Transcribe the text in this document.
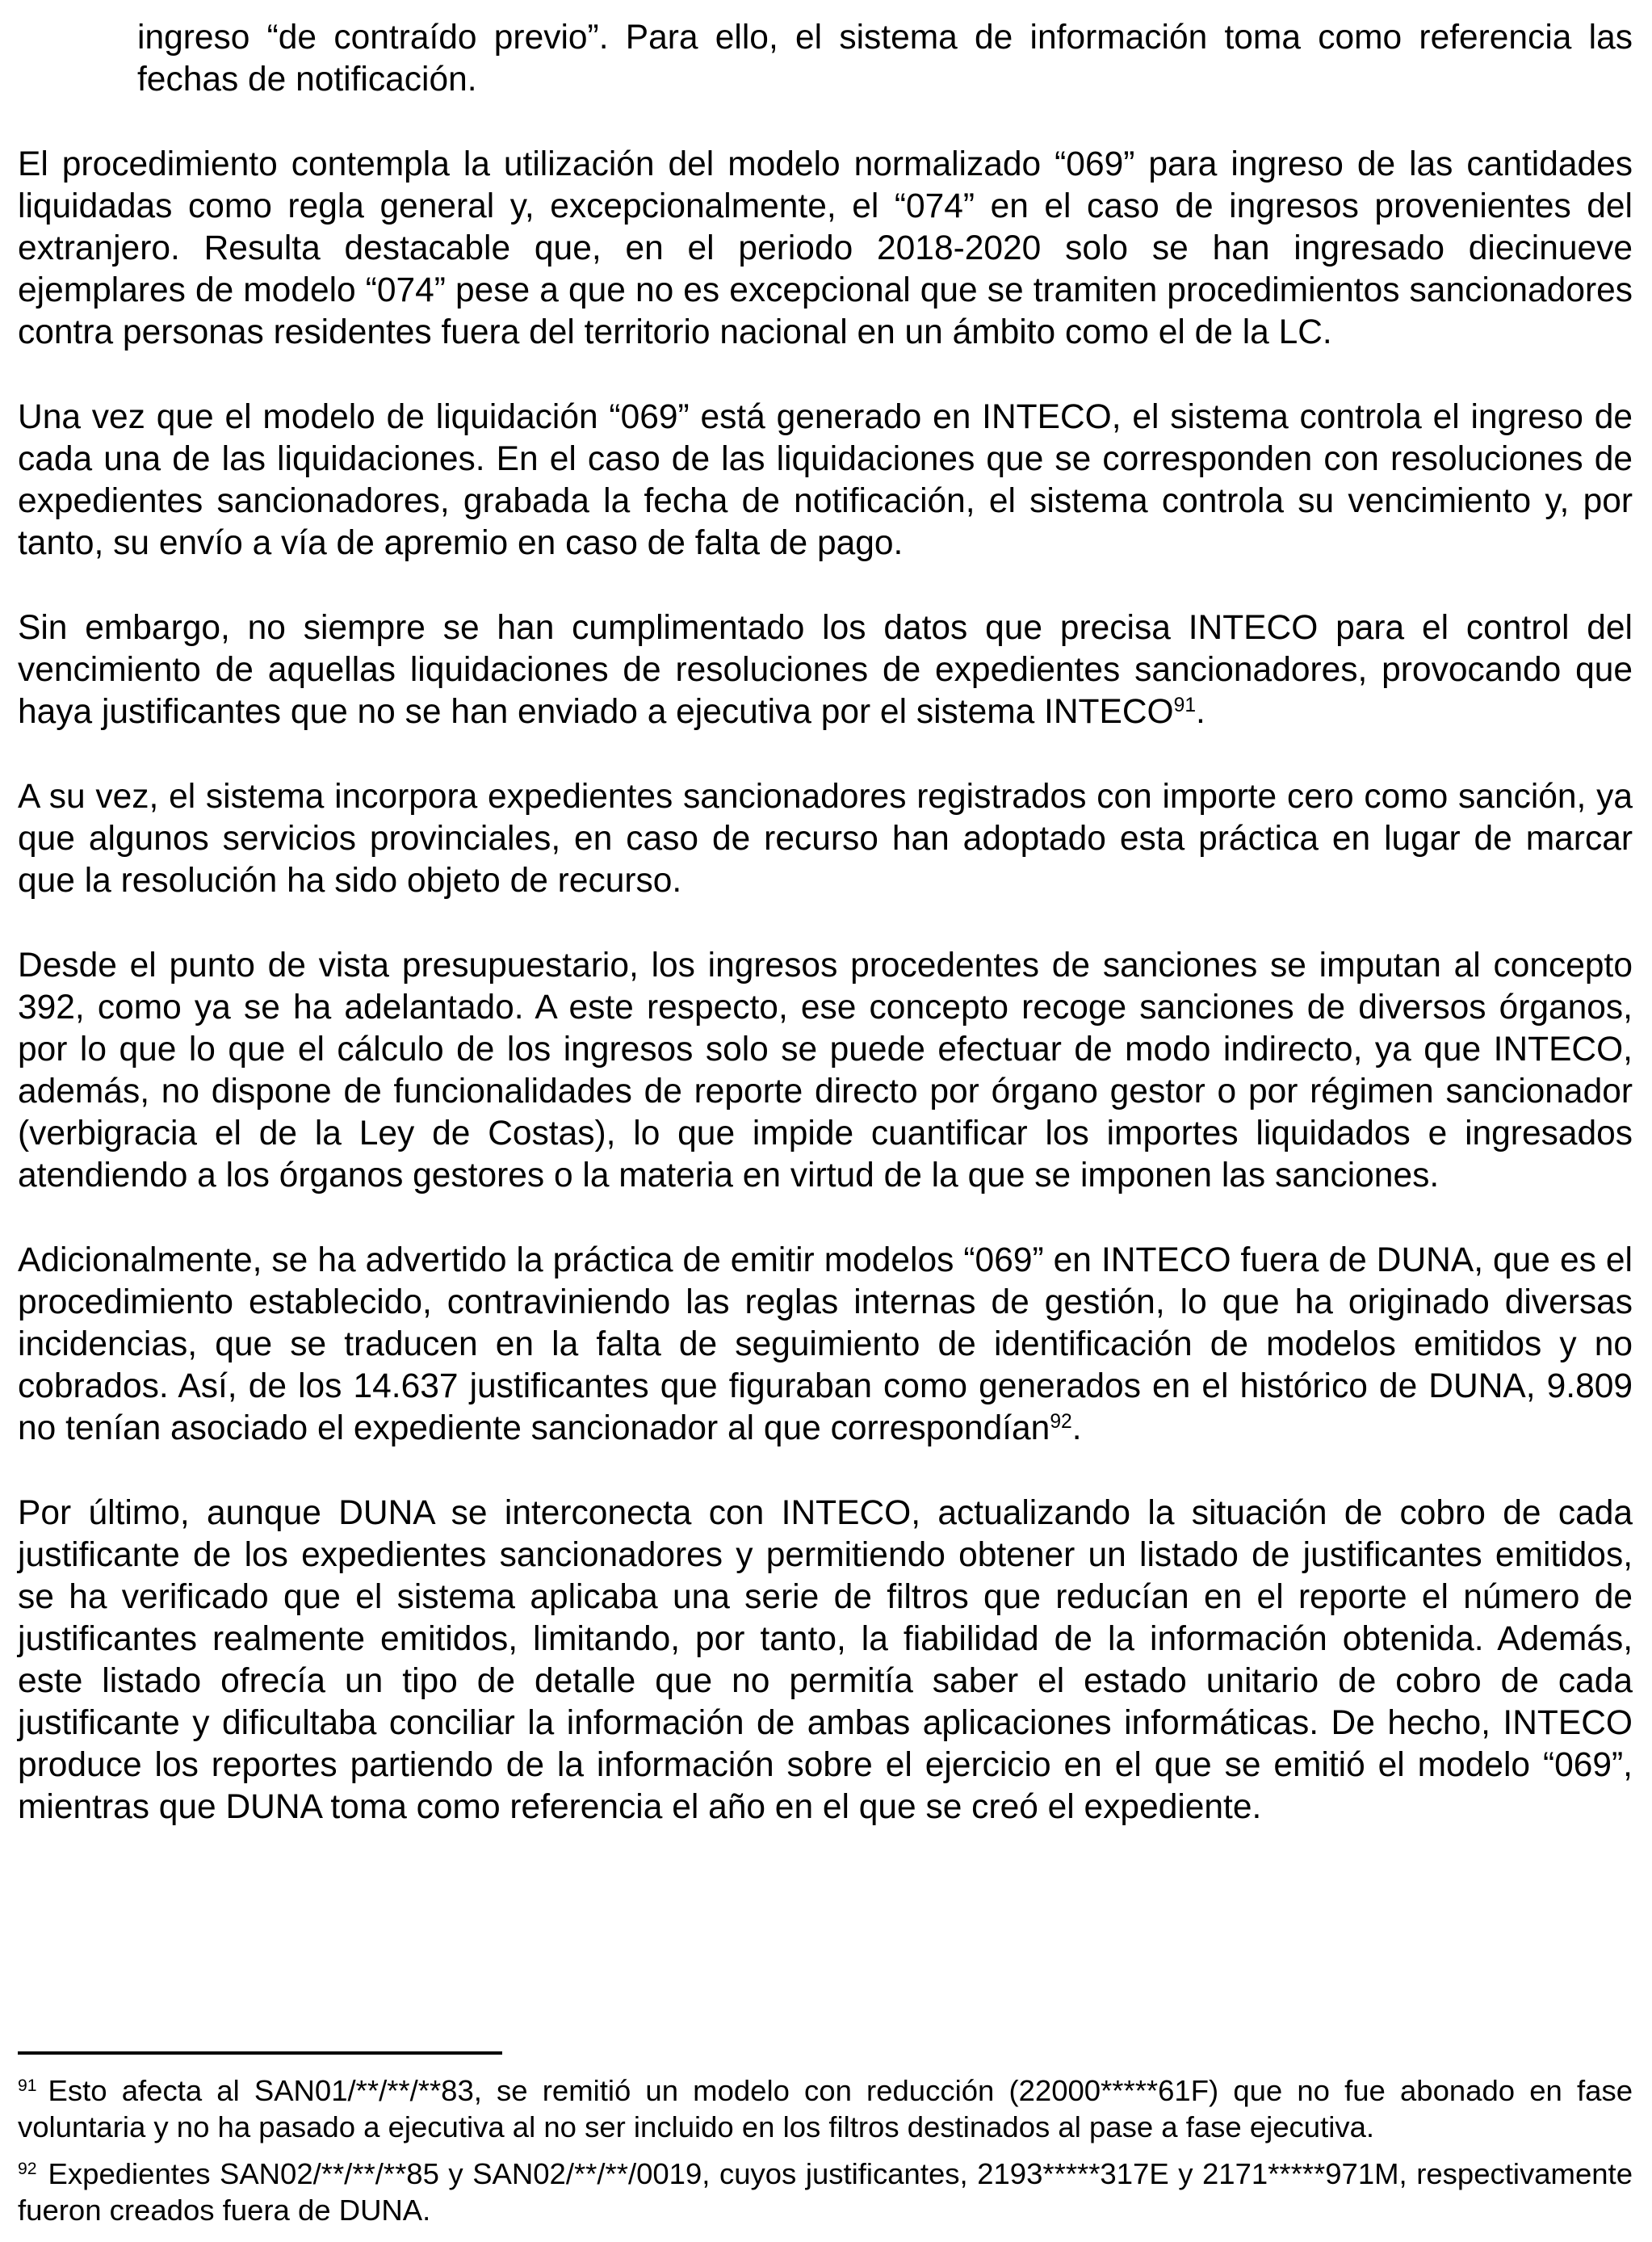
ingreso “de contraído previo”. Para ello, el sistema de información toma como referencia las fechas de notificación.

El procedimiento contempla la utilización del modelo normalizado “069” para ingreso de las cantidades liquidadas como regla general y, excepcionalmente, el “074” en el caso de ingresos provenientes del extranjero. Resulta destacable que, en el periodo 2018-2020 solo se han ingresado diecinueve ejemplares de modelo “074” pese a que no es excepcional que se tramiten procedimientos sancionadores contra personas residentes fuera del territorio nacional en un ámbito como el de la LC.

Una vez que el modelo de liquidación “069” está generado en INTECO, el sistema controla el ingreso de cada una de las liquidaciones. En el caso de las liquidaciones que se corresponden con resoluciones de expedientes sancionadores, grabada la fecha de notificación, el sistema controla su vencimiento y, por tanto, su envío a vía de apremio en caso de falta de pago.

Sin embargo, no siempre se han cumplimentado los datos que precisa INTECO para el control del vencimiento de aquellas liquidaciones de resoluciones de expedientes sancionadores, provocando que haya justificantes que no se han enviado a ejecutiva por el sistema INTECO$^{91}$.

A su vez, el sistema incorpora expedientes sancionadores registrados con importe cero como sanción, ya que algunos servicios provinciales, en caso de recurso han adoptado esta práctica en lugar de marcar que la resolución ha sido objeto de recurso.

Desde el punto de vista presupuestario, los ingresos procedentes de sanciones se imputan al concepto 392, como ya se ha adelantado. A este respecto, ese concepto recoge sanciones de diversos órganos, por lo que lo que el cálculo de los ingresos solo se puede efectuar de modo indirecto, ya que INTECO, además, no dispone de funcionalidades de reporte directo por órgano gestor o por régimen sancionador (verbigracia el de la Ley de Costas), lo que impide cuantificar los importes liquidados e ingresados atendiendo a los órganos gestores o la materia en virtud de la que se imponen las sanciones.

Adicionalmente, se ha advertido la práctica de emitir modelos “069” en INTECO fuera de DUNA, que es el procedimiento establecido, contraviniendo las reglas internas de gestión, lo que ha originado diversas incidencias, que se traducen en la falta de seguimiento de identificación de modelos emitidos y no cobrados. Así, de los 14.637 justificantes que figuraban como generados en el histórico de DUNA, 9.809 no tenían asociado el expediente sancionador al que correspondían$^{92}$.

Por último, aunque DUNA se interconecta con INTECO, actualizando la situación de cobro de cada justificante de los expedientes sancionadores y permitiendo obtener un listado de justificantes emitidos, se ha verificado que el sistema aplicaba una serie de filtros que reducían en el reporte el número de justificantes realmente emitidos, limitando, por tanto, la fiabilidad de la información obtenida. Además, este listado ofrecía un tipo de detalle que no permitía saber el estado unitario de cobro de cada justificante y dificultaba conciliar la información de ambas aplicaciones informáticas. De hecho, INTECO produce los reportes partiendo de la información sobre el ejercicio en el que se emitió el modelo “069”, mientras que DUNA toma como referencia el año en el que se creó el expediente.

$^{91}$ Esto afecta al SAN01/**/**/**83, se remitió un modelo con reducción (22000*****61F) que no fue abonado en fase voluntaria y no ha pasado a ejecutiva al no ser incluido en los filtros destinados al pase a fase ejecutiva.

$^{92}$ Expedientes SAN02/**/**/**85 y SAN02/**/**/0019, cuyos justificantes, 2193*****317E y 2171*****971M, respectivamente fueron creados fuera de DUNA.
